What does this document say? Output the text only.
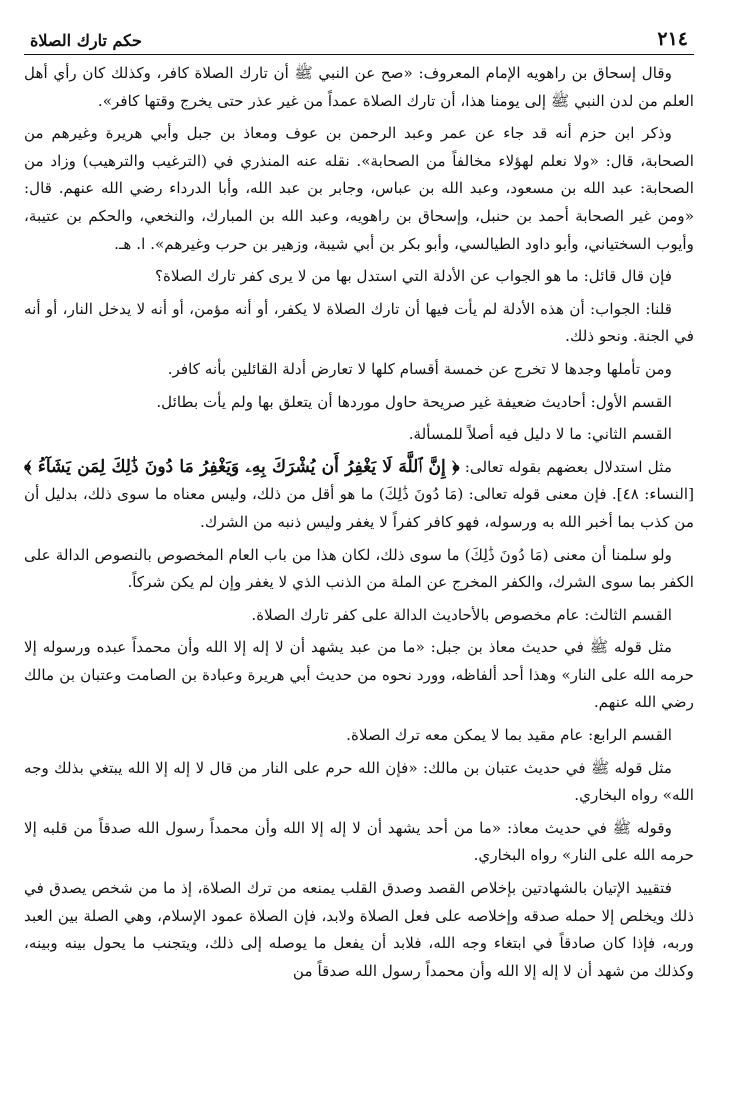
٢١٤
حكم تارك الصلاة

وقال إسحاق بن راهويه الإمام المعروف: «صح عن النبي ﷺ أن تارك الصلاة كافر، وكذلك كان رأي أهل العلم من لدن النبي ﷺ إلى يومنا هذا، أن تارك الصلاة عمداً من غير عذر حتى يخرج وقتها كافر».

وذكر ابن حزم أنه قد جاء عن عمر وعبد الرحمن بن عوف ومعاذ بن جبل وأبي هريرة وغيرهم من الصحابة، قال: «ولا نعلم لهؤلاء مخالفاً من الصحابة». نقله عنه المنذري في (الترغيب والترهيب) وزاد من الصحابة: عبد الله بن مسعود، وعبد الله بن عباس، وجابر بن عبد الله، وأبا الدرداء رضي الله عنهم. قال: «ومن غير الصحابة أحمد بن حنبل، وإسحاق بن راهويه، وعبد الله بن المبارك، والنخعي، والحكم بن عتيبة، وأيوب السختياني، وأبو داود الطيالسي، وأبو بكر بن أبي شيبة، وزهير بن حرب وغيرهم». ا. هـ.

فإن قال قائل: ما هو الجواب عن الأدلة التي استدل بها من لا يرى كفر تارك الصلاة؟

قلنا: الجواب: أن هذه الأدلة لم يأت فيها أن تارك الصلاة لا يكفر، أو أنه مؤمن، أو أنه لا يدخل النار، أو أنه في الجنة. ونحو ذلك.

ومن تأملها وجدها لا تخرج عن خمسة أقسام كلها لا تعارض أدلة القائلين بأنه كافر.

القسم الأول: أحاديث ضعيفة غير صريحة حاول موردها أن يتعلق بها ولم يأت بطائل.

القسم الثاني: ما لا دليل فيه أصلاً للمسألة.

مثل استدلال بعضهم بقوله تعالى: ﴿ إِنَّ ٱللَّهَ لَا يَغْفِرُ أَن يُشْرَكَ بِهِۦ وَيَغْفِرُ مَا دُونَ ذَٰلِكَ لِمَن يَشَآءُ ﴾ [النساء: ٤٨]. فإن معنى قوله تعالى: (مَا دُونَ ذَٰلِكَ) ما هو أقل من ذلك، وليس معناه ما سوى ذلك، بدليل أن من كذب بما أخبر الله به ورسوله، فهو كافر كفراً لا يغفر وليس ذنبه من الشرك.

ولو سلمنا أن معنى (مَا دُونَ ذَٰلِكَ) ما سوى ذلك، لكان هذا من باب العام المخصوص بالنصوص الدالة على الكفر بما سوى الشرك، والكفر المخرج عن الملة من الذنب الذي لا يغفر وإن لم يكن شركاً.

القسم الثالث: عام مخصوص بالأحاديث الدالة على كفر تارك الصلاة.

مثل قوله ﷺ في حديث معاذ بن جبل: «ما من عبد يشهد أن لا إله إلا الله وأن محمداً عبده ورسوله إلا حرمه الله على النار» وهذا أحد ألفاظه، وورد نحوه من حديث أبي هريرة وعبادة بن الصامت وعتبان بن مالك رضي الله عنهم.

القسم الرابع: عام مقيد بما لا يمكن معه ترك الصلاة.

مثل قوله ﷺ في حديث عتبان بن مالك: «فإن الله حرم على النار من قال لا إله إلا الله يبتغي بذلك وجه الله» رواه البخاري.

وقوله ﷺ في حديث معاذ: «ما من أحد يشهد أن لا إله إلا الله وأن محمداً رسول الله صدقاً من قلبه إلا حرمه الله على النار» رواه البخاري.

فتقييد الإتيان بالشهادتين بإخلاص القصد وصدق القلب يمنعه من ترك الصلاة، إذ ما من شخص يصدق في ذلك ويخلص إلا حمله صدقه وإخلاصه على فعل الصلاة ولابد، فإن الصلاة عمود الإسلام، وهي الصلة بين العبد وربه، فإذا كان صادقاً في ابتغاء وجه الله، فلابد أن يفعل ما يوصله إلى ذلك، ويتجنب ما يحول بينه وبينه، وكذلك من شهد أن لا إله إلا الله وأن محمداً رسول الله صدقاً من
